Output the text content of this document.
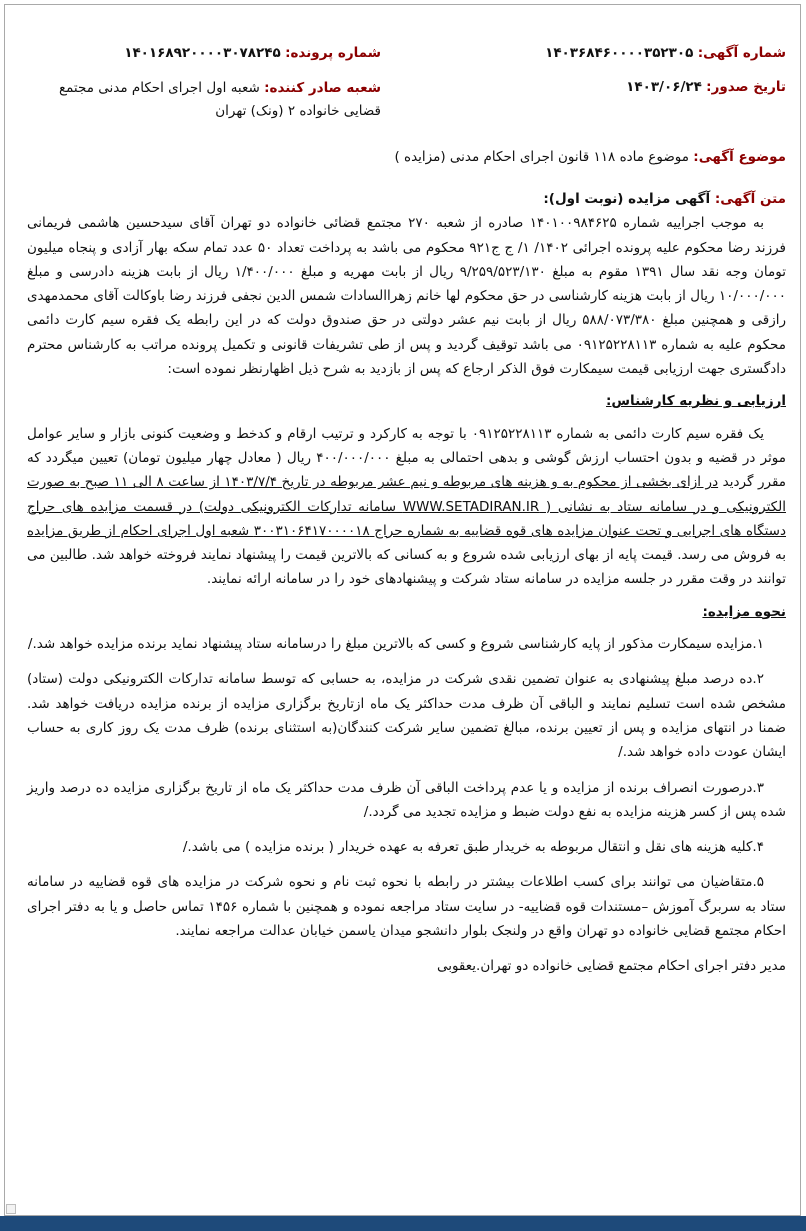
شماره آگهی: ۱۴۰۳۶۸۴۶۰۰۰۰۳۵۲۳۰۵
شماره پرونده: ۱۴۰۱۶۸۹۲۰۰۰۰۳۰۷۸۲۴۵
تاریخ صدور: ۱۴۰۳/۰۶/۲۴
شعبه صادر کننده: شعبه اول اجرای احکام مدنی مجتمع قضایی خانواده ۲ (ونک) تهران
موضوع آگهی: موضوع ماده ۱۱۸ قانون اجرای احکام مدنی (مزایده )

متن آگهی: آگهی مزایده (نوبت اول):

به موجب اجراییه شماره ۱۴۰۱۰۰۹۸۴۶۲۵ صادره از شعبه ۲۷۰ مجتمع قضائی خانواده دو تهران آقای سیدحسین هاشمی فریمانی فرزند رضا محکوم علیه پرونده اجرائی ۱۴۰۲/ ۱/ ج ج۹۲۱ محکوم می باشد به پرداخت تعداد ۵۰ عدد تمام سکه بهار آزادی و پنجاه میلیون تومان وجه نقد سال ۱۳۹۱ مقوم به مبلغ ۹/۲۵۹/۵۲۳/۱۳۰ ریال از بابت مهریه و مبلغ ۱/۴۰۰/۰۰۰ ریال از بابت هزینه دادرسی و مبلغ ۱۰/۰۰۰/۰۰۰ ریال از بابت هزینه کارشناسی در حق محکوم لها خانم زهراالسادات شمس الدین نجفی فرزند رضا باوکالت آقای محمدمهدی رازقی و همچنین مبلغ ۵۸۸/۰۷۳/۳۸۰ ریال از بابت نیم عشر دولتی در حق صندوق دولت که در این رابطه یک فقره سیم کارت دائمی محکوم علیه به شماره ۰۹۱۲۵۲۲۸۱۱۳ می باشد توقیف گردید و پس از طی تشریفات قانونی و تکمیل پرونده مراتب به کارشناس محترم دادگستری جهت ارزیابی قیمت سیمکارت فوق الذکر ارجاع که پس از بازدید به شرح ذیل اظهارنظر نموده است:

ارزیابی و نظریه کارشناس:

یک فقره سیم کارت دائمی به شماره ۰۹۱۲۵۲۲۸۱۱۳ با توجه به کارکرد و ترتیب ارقام و کدخط و وضعیت کنونی بازار و سایر عوامل موثر در قضیه و بدون احتساب ارزش گوشی و بدهی احتمالی به مبلغ ۴۰۰/۰۰۰/۰۰۰ ریال ( معادل چهار میلیون تومان) تعیین میگردد که مقرر گردید در ازای بخشی از محکوم به و هزینه های مربوطه و نیم عشر مربوطه در تاریخ ۱۴۰۳/۷/۴ از ساعت ۸ الی ۱۱ صبح به صورت الکترونیکی و در سامانه ستاد به نشانی ( WWW.SETADIRAN.IR سامانه تدارکات الکترونیکی دولت) در قسمت مزایده های حراج دستگاه های اجرایی و تحت عنوان مزایده های قوه قضاییه به شماره حراج ۳۰۰۳۱۰۶۴۱۷۰۰۰۰۱۸ شعبه اول اجرای احکام از طریق مزایده به فروش می رسد. قیمت پایه از بهای ارزیابی شده شروع و به کسانی که بالاترین قیمت را پیشنهاد نمایند فروخته خواهد شد. طالبین می توانند در وقت مقرر در جلسه مزایده در سامانه ستاد شرکت و پیشنهادهای خود را در سامانه ارائه نمایند.

نحوه مزایده:

۱.مزایده سیمکارت مذکور از پایه کارشناسی شروع و کسی که بالاترین مبلغ را درسامانه ستاد پیشنهاد نماید برنده مزایده خواهد شد./

۲.ده درصد مبلغ پیشنهادی به عنوان تضمین نقدی شرکت در مزایده، به حسابی که توسط سامانه تدارکات الکترونیکی دولت (ستاد) مشخص شده است تسلیم نمایند و الباقی آن ظرف مدت حداکثر یک ماه ازتاریخ برگزاری مزایده از برنده مزایده دریافت خواهد شد. ضمنا در انتهای مزایده و پس از تعیین برنده، مبالغ تضمین سایر شرکت کنندگان(به استثنای برنده) ظرف مدت یک روز کاری به حساب ایشان عودت داده خواهد شد./

۳.درصورت انصراف برنده از مزایده و یا عدم پرداخت الباقی آن ظرف مدت حداکثر یک ماه از تاریخ برگزاری مزایده ده درصد واریز شده پس از کسر هزینه مزایده به نفع دولت ضبط و مزایده تجدید می گردد./

۴.کلیه هزینه های نقل و انتقال مربوطه به خریدار طبق تعرفه به عهده خریدار ( برنده مزایده ) می باشد./

۵.متقاضیان می توانند برای کسب اطلاعات بیشتر در رابطه با نحوه ثبت نام و نحوه شرکت در مزایده های قوه قضاییه در سامانه ستاد به سربرگ آموزش –مستندات قوه قضاییه- در سایت ستاد مراجعه نموده و همچنین با شماره ۱۴۵۶ تماس حاصل و یا به دفتر اجرای احکام مجتمع قضایی خانواده دو تهران واقع در ولنجک بلوار دانشجو میدان یاسمن خیابان عدالت مراجعه نمایند.

مدیر دفتر اجرای احکام مجتمع قضایی خانواده دو تهران.یعقوبی
